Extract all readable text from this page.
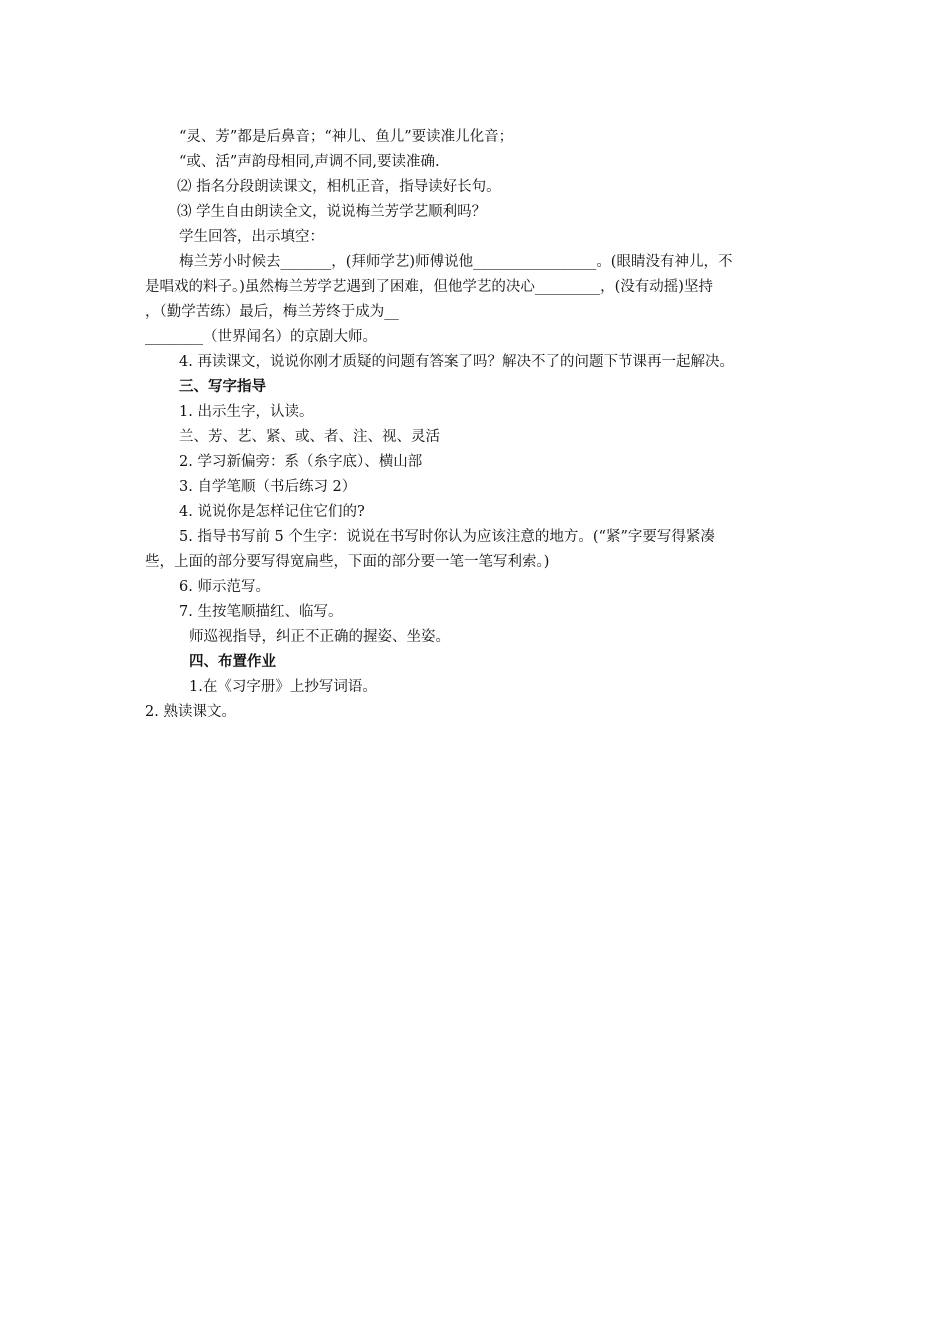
“灵、芳”都是后鼻音；“神儿、鱼儿”要读准儿化音；
“或、活”声韵母相同,声调不同,要读准确.
⑵ 指名分段朗读课文，相机正音，指导读好长句。
⑶ 学生自由朗读全文，说说梅兰芳学艺顺利吗？
学生回答，出示填空：
梅兰芳小时候去_______，(拜师学艺)师傅说他_________________。(眼睛没有神儿，不
是唱戏的料子。)虽然梅兰芳学艺遇到了困难，但他学艺的决心_________，(没有动摇)坚持
，（勤学苦练）最后，梅兰芳终于成为__
________（世界闻名）的京剧大师。
4. 再读课文，说说你刚才质疑的问题有答案了吗？解决不了的问题下节课再一起解决。
三、写字指导
1. 出示生字，认读。
兰、芳、艺、紧、或、者、注、视、灵活
2. 学习新偏旁：系（糸字底）、横山部
3. 自学笔顺（书后练习 2）
4. 说说你是怎样记住它们的?
5. 指导书写前 5 个生字：说说在书写时你认为应该注意的地方。(“紧”字要写得紧凑
些，上面的部分要写得宽扁些，下面的部分要一笔一笔写利索。)
6. 师示范写。
7. 生按笔顺描红、临写。
师巡视指导，纠正不正确的握姿、坐姿。
四、布置作业
1.在《习字册》上抄写词语。
2. 熟读课文。
